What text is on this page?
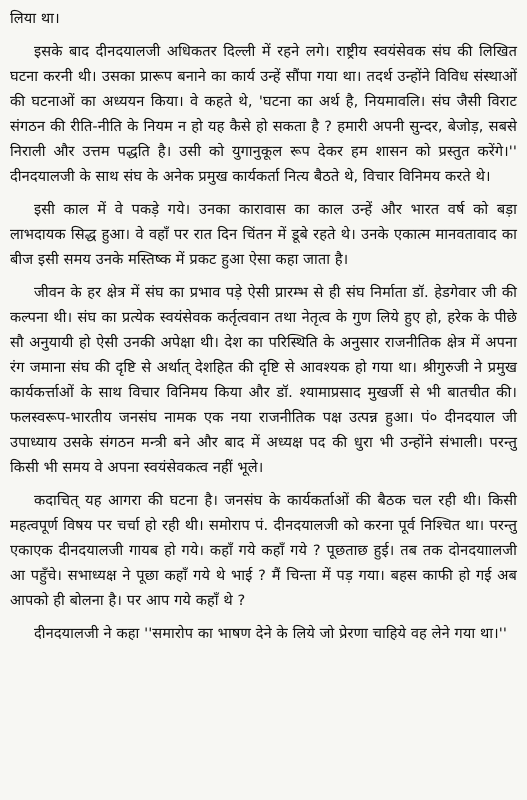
लिया था।

इसके बाद दीनदयालजी अधिकतर दिल्ली में रहने लगे। राष्ट्रीय स्वयंसेवक संघ की लिखित घटना करनी थी। उसका प्रारूप बनाने का कार्य उन्हें सौंपा गया था। तदर्थ उन्होंने विविध संस्थाओं की घटनाओं का अध्ययन किया। वे कहते थे, 'घटना का अर्थ है, नियमावलि। संघ जैसी विराट संगठन की रीति-नीति के नियम न हो यह कैसे हो सकता है ? हमारी अपनी सुन्दर, बेजोड़, सबसे निराली और उत्तम पद्धति है। उसी को युगानुकूल रूप देकर हम शासन को प्रस्तुत करेंगे।'' दीनदयालजी के साथ संघ के अनेक प्रमुख कार्यकर्ता नित्य बैठते थे, विचार विनिमय करते थे।

इसी काल में वे पकड़े गये। उनका कारावास का काल उन्हें और भारत वर्ष को बड़ा लाभदायक सिद्ध हुआ। वे वहाँ पर रात दिन चिंतन में डूबे रहते थे। उनके एकात्म मानवतावाद का बीज इसी समय उनके मस्तिष्क में प्रकट हुआ ऐसा कहा जाता है।

जीवन के हर क्षेत्र में संघ का प्रभाव पड़े ऐसी प्रारम्भ से ही संघ निर्माता डॉ. हेडगेवार जी की कल्पना थी। संघ का प्रत्येक स्वयंसेवक कर्तृत्ववान तथा नेतृत्व के गुण लिये हुए हो, हरेक के पीछे सौ अनुयायी हो ऐसी उनकी अपेक्षा थी। देश का परिस्थिति के अनुसार राजनीतिक क्षेत्र में अपना रंग जमाना संघ की दृष्टि से अर्थात् देशहित की दृष्टि से आवश्यक हो गया था। श्रीगुरुजी ने प्रमुख कार्यकर्त्ताओं के साथ विचार विनिमय किया और डॉ. श्यामाप्रसाद मुखर्जी से भी बातचीत की। फलस्वरूप-भारतीय जनसंघ नामक एक नया राजनीतिक पक्ष उत्पन्न हुआ। पं० दीनदयाल जी उपाध्याय उसके संगठन मन्त्री बने और बाद में अध्यक्ष पद की धुरा भी उन्होंने संभाली। परन्तु किसी भी समय वे अपना स्वयंसेवकत्व नहीं भूले।

कदाचित् यह आगरा की घटना है। जनसंघ के कार्यकर्ताओं की बैठक चल रही थी। किसी महत्वपूर्ण विषय पर चर्चा हो रही थी। समोराप पं. दीनदयालजी को करना पूर्व निश्चित था। परन्तु एकाएक दीनदयालजी गायब हो गये। कहाँ गये कहाँ गये ? पूछताछ हुई। तब तक दोनदयाालजी आ पहुँचे। सभाध्यक्ष ने पूछा कहाँ गये थे भाई ? मैं चिन्ता में पड़ गया। बहस काफी हो गई अब आपको ही बोलना है। पर आप गये कहाँ थे ?

दीनदयालजी ने कहा ''समारोप का भाषण देने के लिये जो प्रेरणा चाहिये वह लेने गया था।''
